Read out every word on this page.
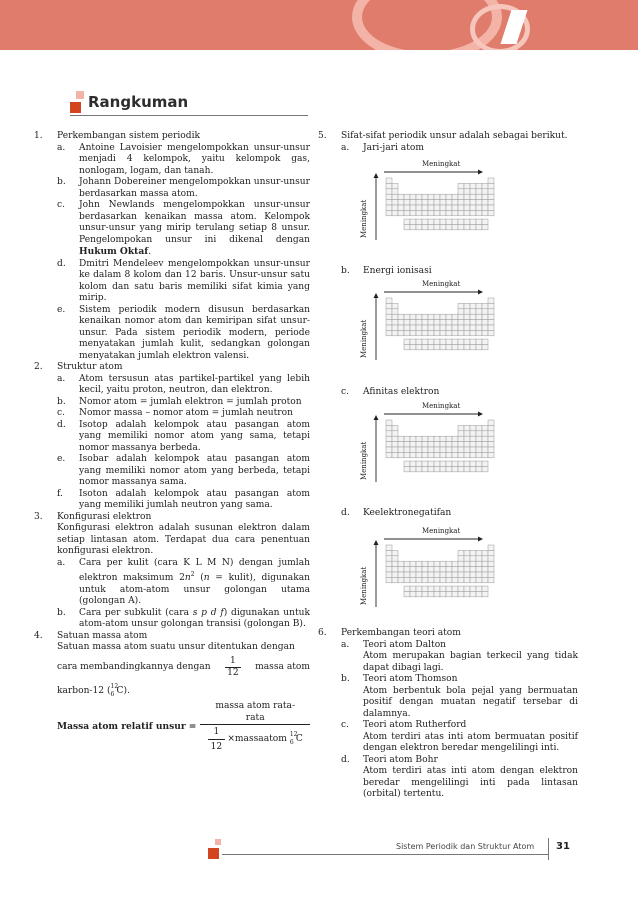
Rangkuman
1.	Perkembangan sistem periodik
a. Antoine Lavoisier mengelompokkan unsur-unsur menjadi 4 kelompok, yaitu kelompok gas, nonlogam, logam, dan tanah.
b. Johann Dobereiner mengelompokkan unsur-unsur berdasarkan massa atom.
c. John Newlands mengelompokkan unsur-unsur berdasarkan kenaikan massa atom. Kelompok unsur-unsur yang mirip terulang setiap 8 unsur. Pengelompokan unsur ini dikenal dengan Hukum Oktaf.
d. Dmitri Mendeleev mengelompokkan unsur-unsur ke dalam 8 kolom dan 12 baris. Unsur-unsur satu kolom dan satu baris memiliki sifat kimia yang mirip.
e. Sistem periodik modern disusun berdasarkan kenaikan nomor atom dan kemiripan sifat unsur-unsur. Pada sistem periodik modern, periode menyatakan jumlah kulit, sedangkan golongan menyatakan jumlah elektron valensi.
2.	Struktur atom
a. Atom tersusun atas partikel-partikel yang lebih kecil, yaitu proton, neutron, dan elektron.
b. Nomor atom = jumlah elektron = jumlah proton
c. Nomor massa – nomor atom = jumlah neutron
d. Isotop adalah kelompok atau pasangan atom yang memiliki nomor atom yang sama, tetapi nomor massanya berbeda.
e. Isobar adalah kelompok atau pasangan atom yang memiliki nomor atom yang berbeda, tetapi nomor massanya sama.
f. Isoton adalah kelompok atau pasangan atom yang memiliki jumlah neutron yang sama.
3.	Konfigurasi elektron
Konfigurasi elektron adalah susunan elektron dalam setiap lintasan atom. Terdapat dua cara penentuan konfigurasi elektron.
a. Cara per kulit (cara K L M N) dengan jumlah elektron maksimum $2n^2$ (n = kulit), digunakan untuk atom-atom unsur golongan utama (golongan A).
b. Cara per subkulit (cara s p d f) digunakan untuk atom-atom unsur golongan transisi (golongan B).
4.	Satuan massa atom
Satuan massa atom suatu unsur ditentukan dengan
cara membandingkannya dengan $\frac{1}{12}$ massa atom
karbon-12 ( 12
6 C).
Massa atom relatif unsur =
massa atom rata-rata
$\frac{1}{12}$ ×massaatom 12
6 C
5.	Sifat-sifat periodik unsur adalah sebagai berikut.
a. Jari-jari atom
b. Energi ionisasi
c. Afinitas elektron
d. Keelektronegatifan
6.	Perkembangan teori atom
a. Teori atom Dalton
Atom merupakan bagian terkecil yang tidak dapat dibagi lagi.
b. Teori atom Thomson
Atom berbentuk bola pejal yang bermuatan positif dengan muatan negatif tersebar di dalamnya.
c. Teori atom Rutherford
Atom terdiri atas inti atom bermuatan positif dengan elektron beredar mengelilingi inti.
d. Teori atom Bohr
Atom terdiri atas inti atom dengan elektron beredar mengelilingi inti pada lintasan (orbital) tertentu.
Meningkat
Meningkat
Meningkat
Meningkat
Meningkat
Meningkat
Meningkat
Meningkat
Sistem Periodik dan Struktur Atom 31
